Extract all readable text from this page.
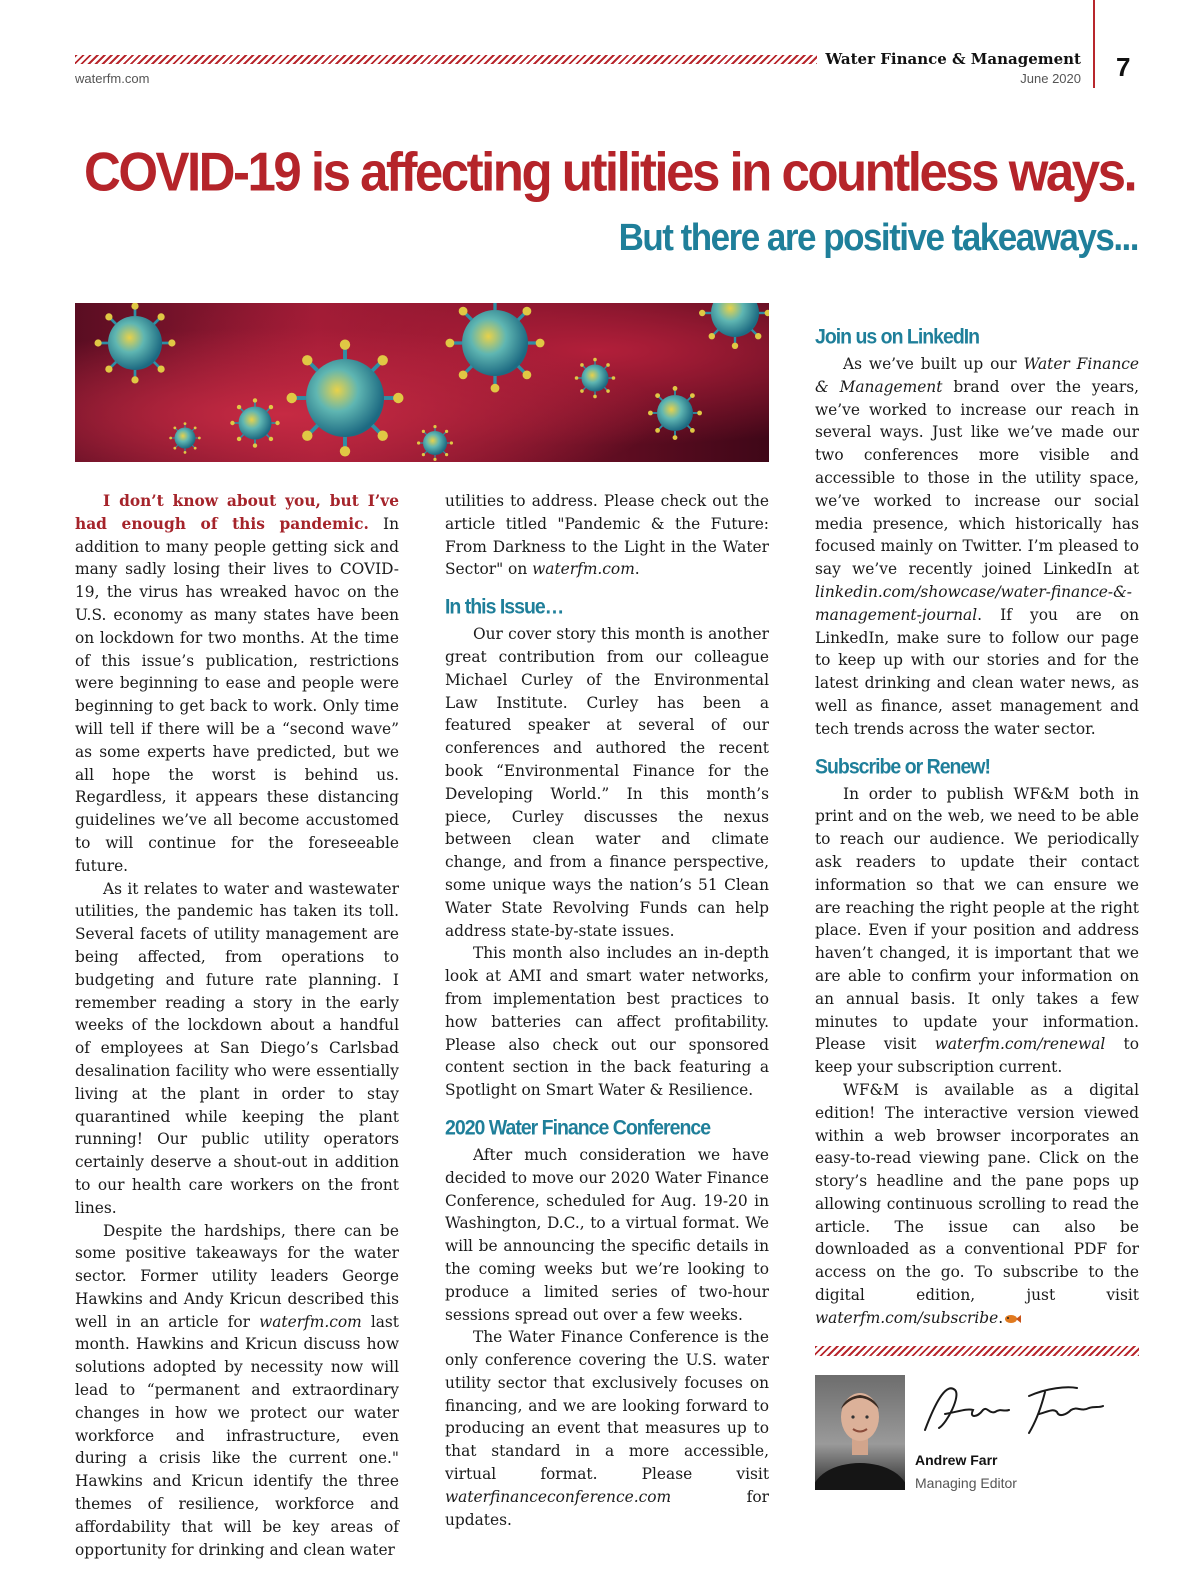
Water Finance & Management
waterfm.com	June 2020 7
COVID-19 is affecting utilities in countless ways.
But there are positive takeaways...

I don’t know about you, but I’ve had enough of this pandemic. In addition to many people getting sick and many sadly losing their lives to COVID-19, the virus has wreaked havoc on the U.S. economy as many states have been on lockdown for two months. At the time of this issue’s publication, restrictions were beginning to ease and people were beginning to get back to work. Only time will tell if there will be a “second wave” as some experts have predicted, but we all hope the worst is behind us. Regardless, it appears these distancing guidelines we’ve all become accustomed to will continue for the foreseeable future.

As it relates to water and wastewater utilities, the pandemic has taken its toll. Several facets of utility management are being affected, from operations to budgeting and future rate planning. I remember reading a story in the early weeks of the lockdown about a handful of employees at San Diego’s Carlsbad desalination facility who were essentially living at the plant in order to stay quarantined while keeping the plant running! Our public utility operators certainly deserve a shout-out in addition to our health care workers on the front lines.

Despite the hardships, there can be some positive takeaways for the water sector. Former utility leaders George Hawkins and Andy Kricun described this well in an article for waterfm.com last month. Hawkins and Kricun discuss how solutions adopted by necessity now will lead to “permanent and extraordinary changes in how we protect our water workforce and infrastructure, even during a crisis like the current one." Hawkins and Kricun identify the three themes of resilience, workforce and affordability that will be key areas of opportunity for drinking and clean water

utilities to address. Please check out the article titled "Pandemic & the Future: From Darkness to the Light in the Water Sector" on waterfm.com.

In this Issue…

Our cover story this month is another great contribution from our colleague Michael Curley of the Environmental Law Institute. Curley has been a featured speaker at several of our conferences and authored the recent book “Environmental Finance for the Developing World.” In this month’s piece, Curley discusses the nexus between clean water and climate change, and from a finance perspective, some unique ways the nation’s 51 Clean Water State Revolving Funds can help address state-by-state issues.

This month also includes an in-depth look at AMI and smart water networks, from implementation best practices to how batteries can affect profitability. Please also check out our sponsored content section in the back featuring a Spotlight on Smart Water & Resilience.

2020 Water Finance Conference

After much consideration we have decided to move our 2020 Water Finance Conference, scheduled for Aug. 19-20 in Washington, D.C., to a virtual format. We will be announcing the specific details in the coming weeks but we’re looking to produce a limited series of two-hour sessions spread out over a few weeks.

The Water Finance Conference is the only conference covering the U.S. water utility sector that exclusively focuses on financing, and we are looking forward to producing an event that measures up to that standard in a more accessible, virtual format. Please visit waterfinanceconference.com for updates.

Join us on LinkedIn

As we’ve built up our Water Finance & Management brand over the years, we’ve worked to increase our reach in several ways. Just like we’ve made our two conferences more visible and accessible to those in the utility space, we’ve worked to increase our social media presence, which historically has focused mainly on Twitter. I’m pleased to say we’ve recently joined LinkedIn at linkedin.com/showcase/water-finance-&-management-journal. If you are on LinkedIn, make sure to follow our page to keep up with our stories and for the latest drinking and clean water news, as well as finance, asset management and tech trends across the water sector.

Subscribe or Renew!

In order to publish WF&M both in print and on the web, we need to be able to reach our audience. We periodically ask readers to update their contact information so that we can ensure we are reaching the right people at the right place. Even if your position and address haven’t changed, it is important that we are able to confirm your information on an annual basis. It only takes a few minutes to update your information. Please visit waterfm.com/renewal to keep your subscription current.

WF&M is available as a digital edition! The interactive version viewed within a web browser incorporates an easy-to-read viewing pane. Click on the story’s headline and the pane pops up allowing continuous scrolling to read the article. The issue can also be downloaded as a conventional PDF for access on the go. To subscribe to the digital edition, just visit waterfm.com/subscribe.

Andrew Farr
Managing Editor
